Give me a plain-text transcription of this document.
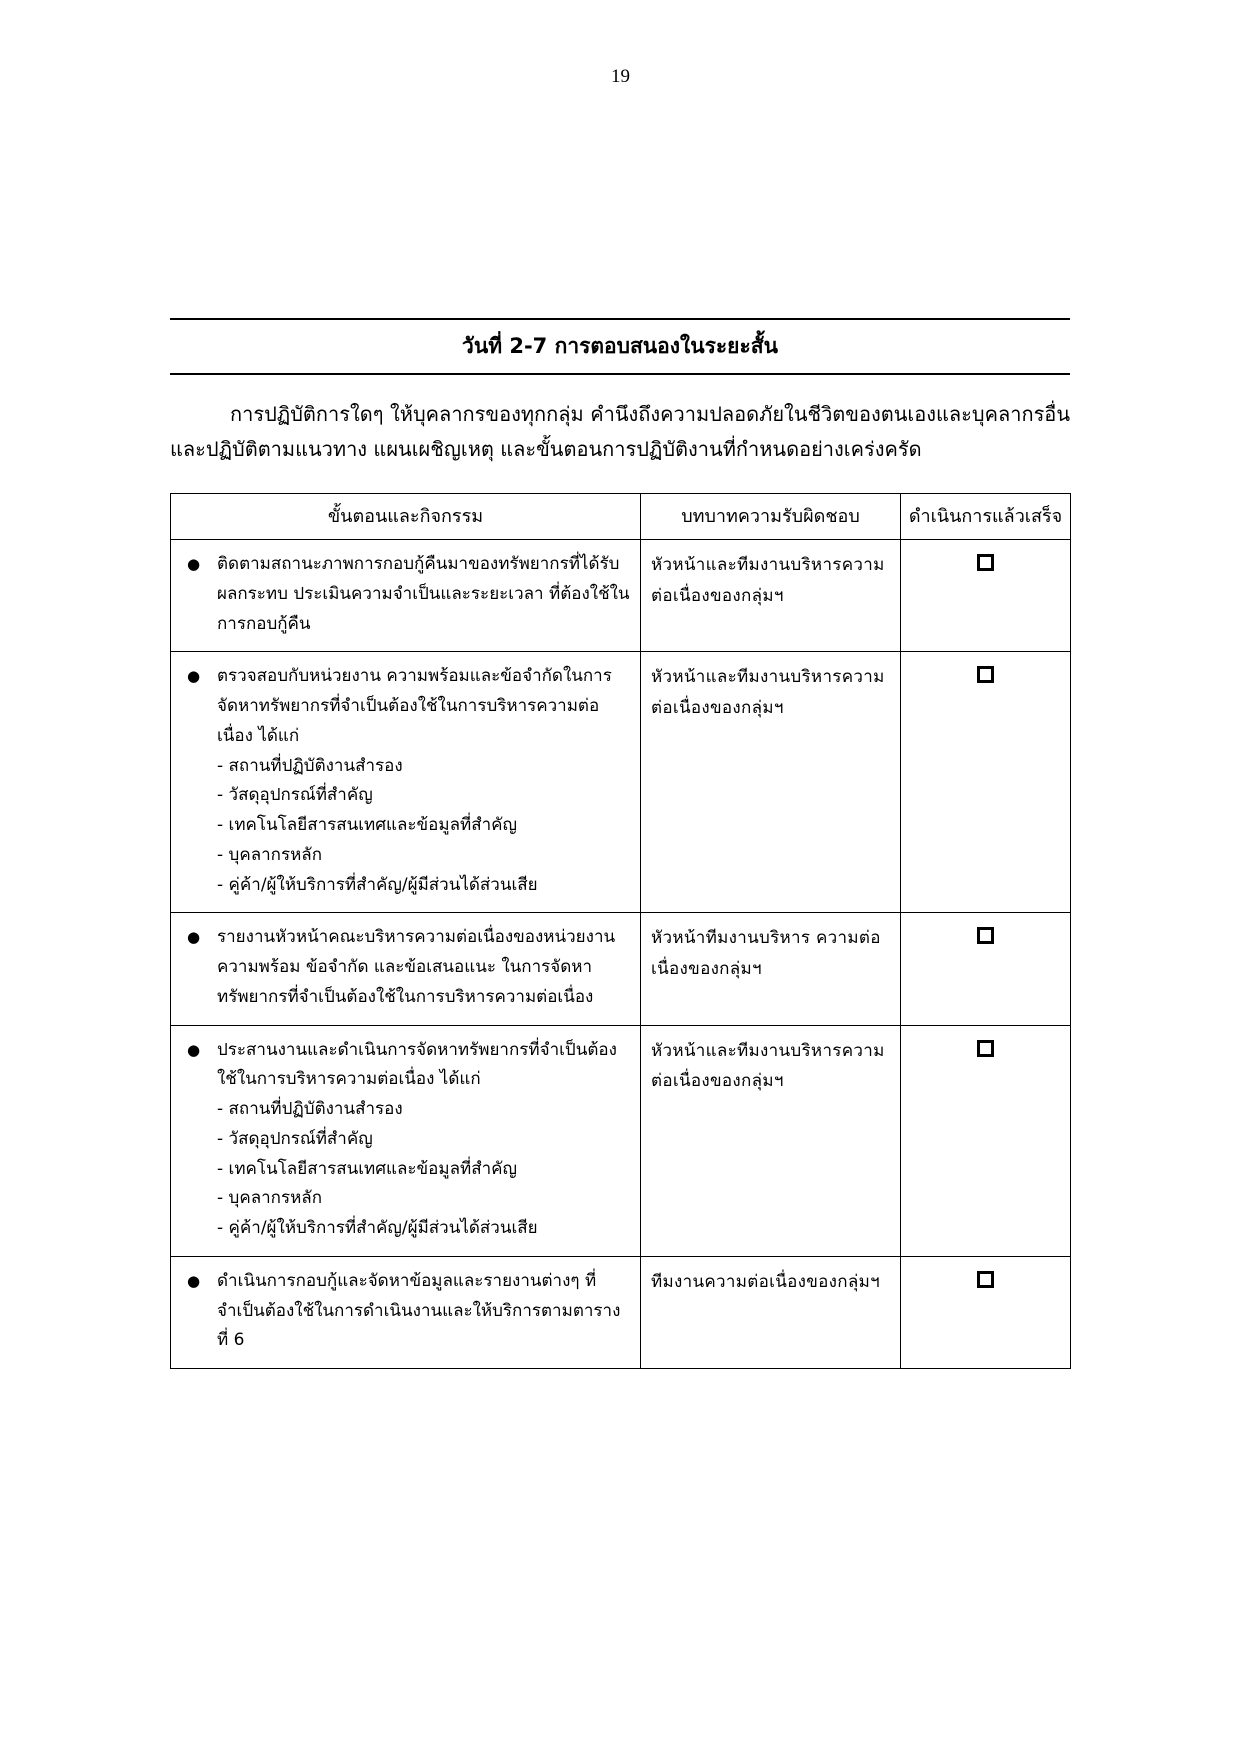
19
วันที่ 2-7 การตอบสนองในระยะสั้น
การปฏิบัติการใดๆ ให้บุคลากรของทุกกลุ่ม คำนึงถึงความปลอดภัยในชีวิตของตนเองและบุคลากรอื่น และปฏิบัติตามแนวทาง แผนเผชิญเหตุ และขั้นตอนการปฏิบัติงานที่กำหนดอย่างเคร่งครัด
ขั้นตอนและกิจกรรม	บทบาทความรับผิดชอบ	ดำเนินการแล้วเสร็จ

● ติดตามสถานะภาพการกอบกู้คืนมาของทรัพยากรที่ได้รับผลกระทบ ประเมินความจำเป็นและระยะเวลา ที่ต้องใช้ในการกอบกู้คืน	หัวหน้าและทีมงานบริหารความต่อเนื่องของกลุ่มฯ	

● ตรวจสอบกับหน่วยงาน ความพร้อมและข้อจำกัดในการจัดหาทรัพยากรที่จำเป็นต้องใช้ในการบริหารความต่อเนื่อง ได้แก่
- สถานที่ปฏิบัติงานสำรอง
- วัสดุอุปกรณ์ที่สำคัญ
- เทคโนโลยีสารสนเทศและข้อมูลที่สำคัญ
- บุคลากรหลัก
- คู่ค้า/ผู้ให้บริการที่สำคัญ/ผู้มีส่วนได้ส่วนเสีย
	หัวหน้าและทีมงานบริหารความต่อเนื่องของกลุ่มฯ	

● รายงานหัวหน้าคณะบริหารความต่อเนื่องของหน่วยงาน ความพร้อม ข้อจำกัด และข้อเสนอแนะ ในการจัดหาทรัพยากรที่จำเป็นต้องใช้ในการบริหารความต่อเนื่อง	หัวหน้าทีมงานบริหาร ความต่อเนื่องของกลุ่มฯ	

● ประสานงานและดำเนินการจัดหาทรัพยากรที่จำเป็นต้องใช้ในการบริหารความต่อเนื่อง ได้แก่
- สถานที่ปฏิบัติงานสำรอง
- วัสดุอุปกรณ์ที่สำคัญ
- เทคโนโลยีสารสนเทศและข้อมูลที่สำคัญ
- บุคลากรหลัก
- คู่ค้า/ผู้ให้บริการที่สำคัญ/ผู้มีส่วนได้ส่วนเสีย
	หัวหน้าและทีมงานบริหารความต่อเนื่องของกลุ่มฯ	

● ดำเนินการกอบกู้และจัดหาข้อมูลและรายงานต่างๆ ที่จำเป็นต้องใช้ในการดำเนินงานและให้บริการตามตารางที่ 6	ทีมงานความต่อเนื่องของกลุ่มฯ	
